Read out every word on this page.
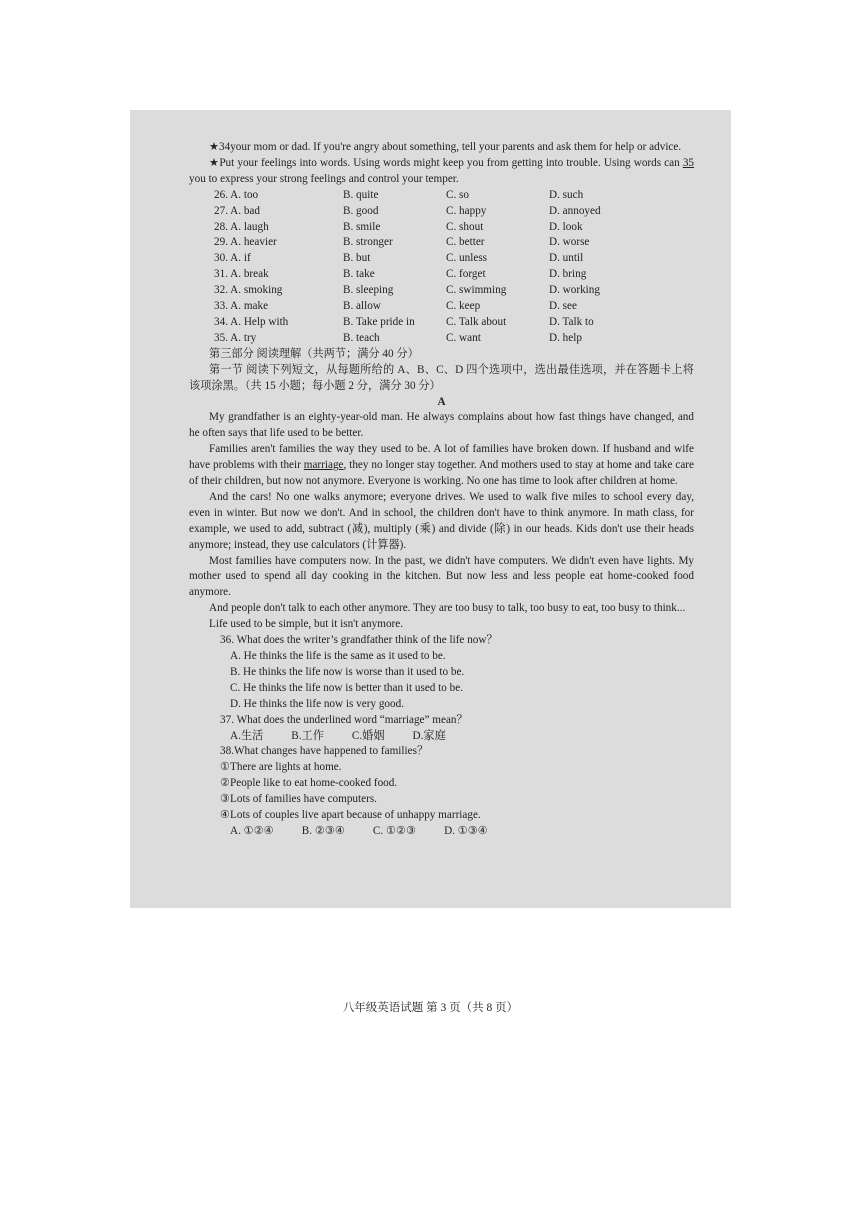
八年级英语试题 第 3 页（共 8 页）

★34your mom or dad. If you're angry about something, tell your parents and ask them for help or advice.

★Put your feelings into words. Using words might keep you from getting into trouble. Using words can 35 you to express your strong feelings and control your temper.

26. A. too	B. quite	C. so	D. such
27. A. bad	B. good	C. happy	D. annoyed
28. A. laugh	B. smile	C. shout	D. look
29. A. heavier	B. stronger	C. better	D. worse
30. A. if	B. but	C. unless	D. until
31. A. break	B. take	C. forget	D. bring
32. A. smoking	B. sleeping	C. swimming	D. working
33. A. make	B. allow	C. keep	D. see
34. A. Help with	B. Take pride in	C. Talk about	D. Talk to
35. A. try	B. teach	C. want	D. help

第三部分 阅读理解（共两节；满分 40 分）

第一节 阅读下列短文，从每题所给的 A、B、C、D 四个选项中，选出最佳选项，并在答题卡上将该项涂黑。（共 15 小题；每小题 2 分，满分 30 分）

A

My grandfather is an eighty-year-old man. He always complains about how fast things have changed, and he often says that life used to be better.

Families aren't families the way they used to be. A lot of families have broken down. If husband and wife have problems with their marriage, they no longer stay together. And mothers used to stay at home and take care of their children, but now not anymore. Everyone is working. No one has time to look after children at home.

And the cars! No one walks anymore; everyone drives. We used to walk five miles to school every day, even in winter. But now we don't. And in school, the children don't have to think anymore. In math class, for example, we used to add, subtract (减), multiply (乘) and divide (除) in our heads. Kids don't use their heads anymore; instead, they use calculators (计算器).

Most families have computers now. In the past, we didn't have computers. We didn't even have lights. My mother used to spend all day cooking in the kitchen. But now less and less people eat home-cooked food anymore.

And people don't talk to each other anymore. They are too busy to talk, too busy to eat, too busy to think...

Life used to be simple, but it isn't anymore.

36. What does the writer’s grandfather think of the life now？

A. He thinks the life is the same as it used to be.

B. He thinks the life now is worse than it used to be.

C. He thinks the life now is better than it used to be.

D. He thinks the life now is very good.

37. What does the underlined word “marriage” mean？

A.生活	B.工作	C.婚姻	D.家庭

38.What changes have happened to families？

①There are lights at home.

②People like to eat home-cooked food.

③Lots of families have computers.

④Lots of couples live apart because of unhappy marriage.

A. ①②④	B. ②③④	C. ①②③	D. ①③④
